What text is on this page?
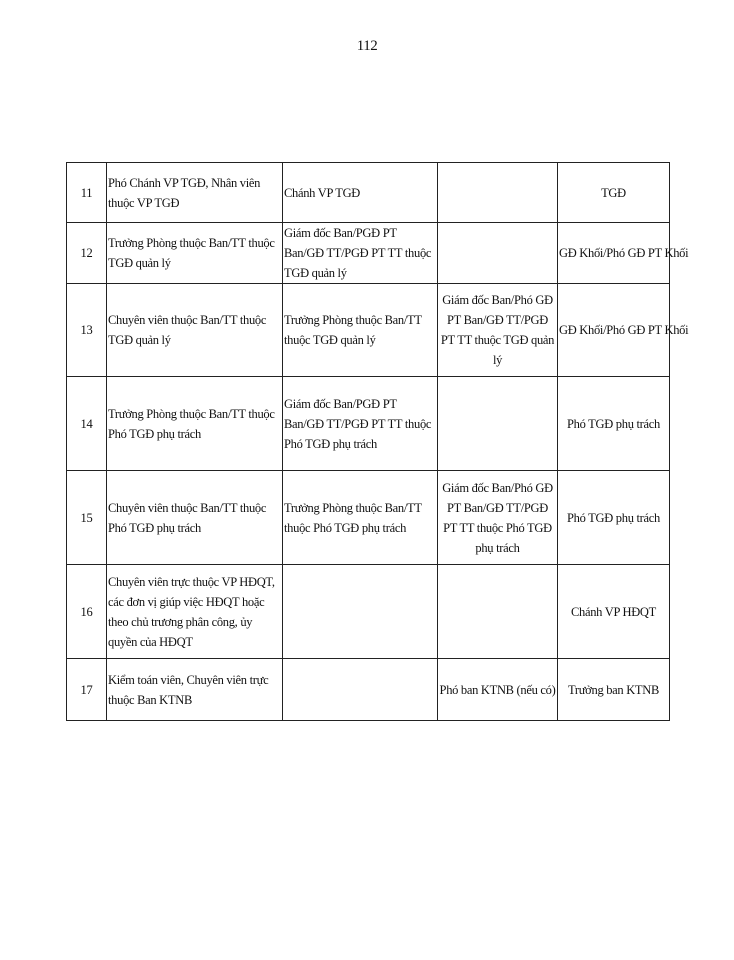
112
11	Phó Chánh VP TGĐ, Nhân viên thuộc VP TGĐ	Chánh VP TGĐ		TGĐ
12	Trưởng Phòng thuộc Ban/TT thuộc TGĐ quản lý	Giám đốc Ban/PGĐ PT Ban/GĐ TT/PGĐ PT TT thuộc TGĐ quản lý		GĐ Khối/Phó GĐ PT Khối
13	Chuyên viên thuộc Ban/TT thuộc TGĐ quản lý	Trưởng Phòng thuộc Ban/TT thuộc TGĐ quản lý	Giám đốc Ban/Phó GĐ PT Ban/GĐ TT/PGĐ PT TT thuộc TGĐ quản lý	GĐ Khối/Phó GĐ PT Khối
14	Trưởng Phòng thuộc Ban/TT thuộc Phó TGĐ phụ trách	Giám đốc Ban/PGĐ PT Ban/GĐ TT/PGĐ PT TT thuộc Phó TGĐ phụ trách		Phó TGĐ phụ trách
15	Chuyên viên thuộc Ban/TT thuộc Phó TGĐ phụ trách	Trưởng Phòng thuộc Ban/TT thuộc Phó TGĐ phụ trách	Giám đốc Ban/Phó GĐ PT Ban/GĐ TT/PGĐ PT TT thuộc Phó TGĐ phụ trách	Phó TGĐ phụ trách
16	Chuyên viên trực thuộc VP HĐQT, các đơn vị giúp việc HĐQT hoặc theo chủ trương phân công, ủy quyền của HĐQT			Chánh VP HĐQT
17	Kiểm toán viên, Chuyên viên trực thuộc Ban KTNB		Phó ban KTNB (nếu có)	Trưởng ban KTNB
